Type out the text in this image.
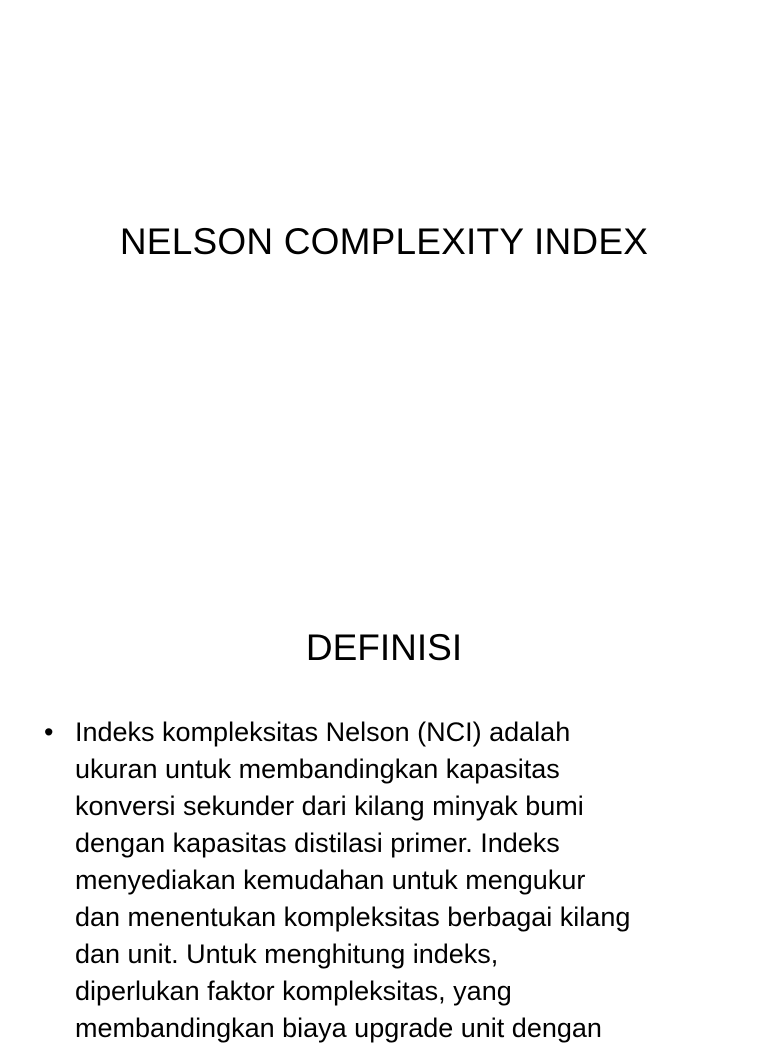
NELSON COMPLEXITY INDEX
DEFINISI
• Indeks kompleksitas Nelson (NCI) adalah
ukuran untuk membandingkan kapasitas
konversi sekunder dari kilang minyak bumi
dengan kapasitas distilasi primer. Indeks
menyediakan kemudahan untuk mengukur
dan menentukan kompleksitas berbagai kilang
dan unit. Untuk menghitung indeks,
diperlukan faktor kompleksitas, yang
membandingkan biaya upgrade unit dengan
